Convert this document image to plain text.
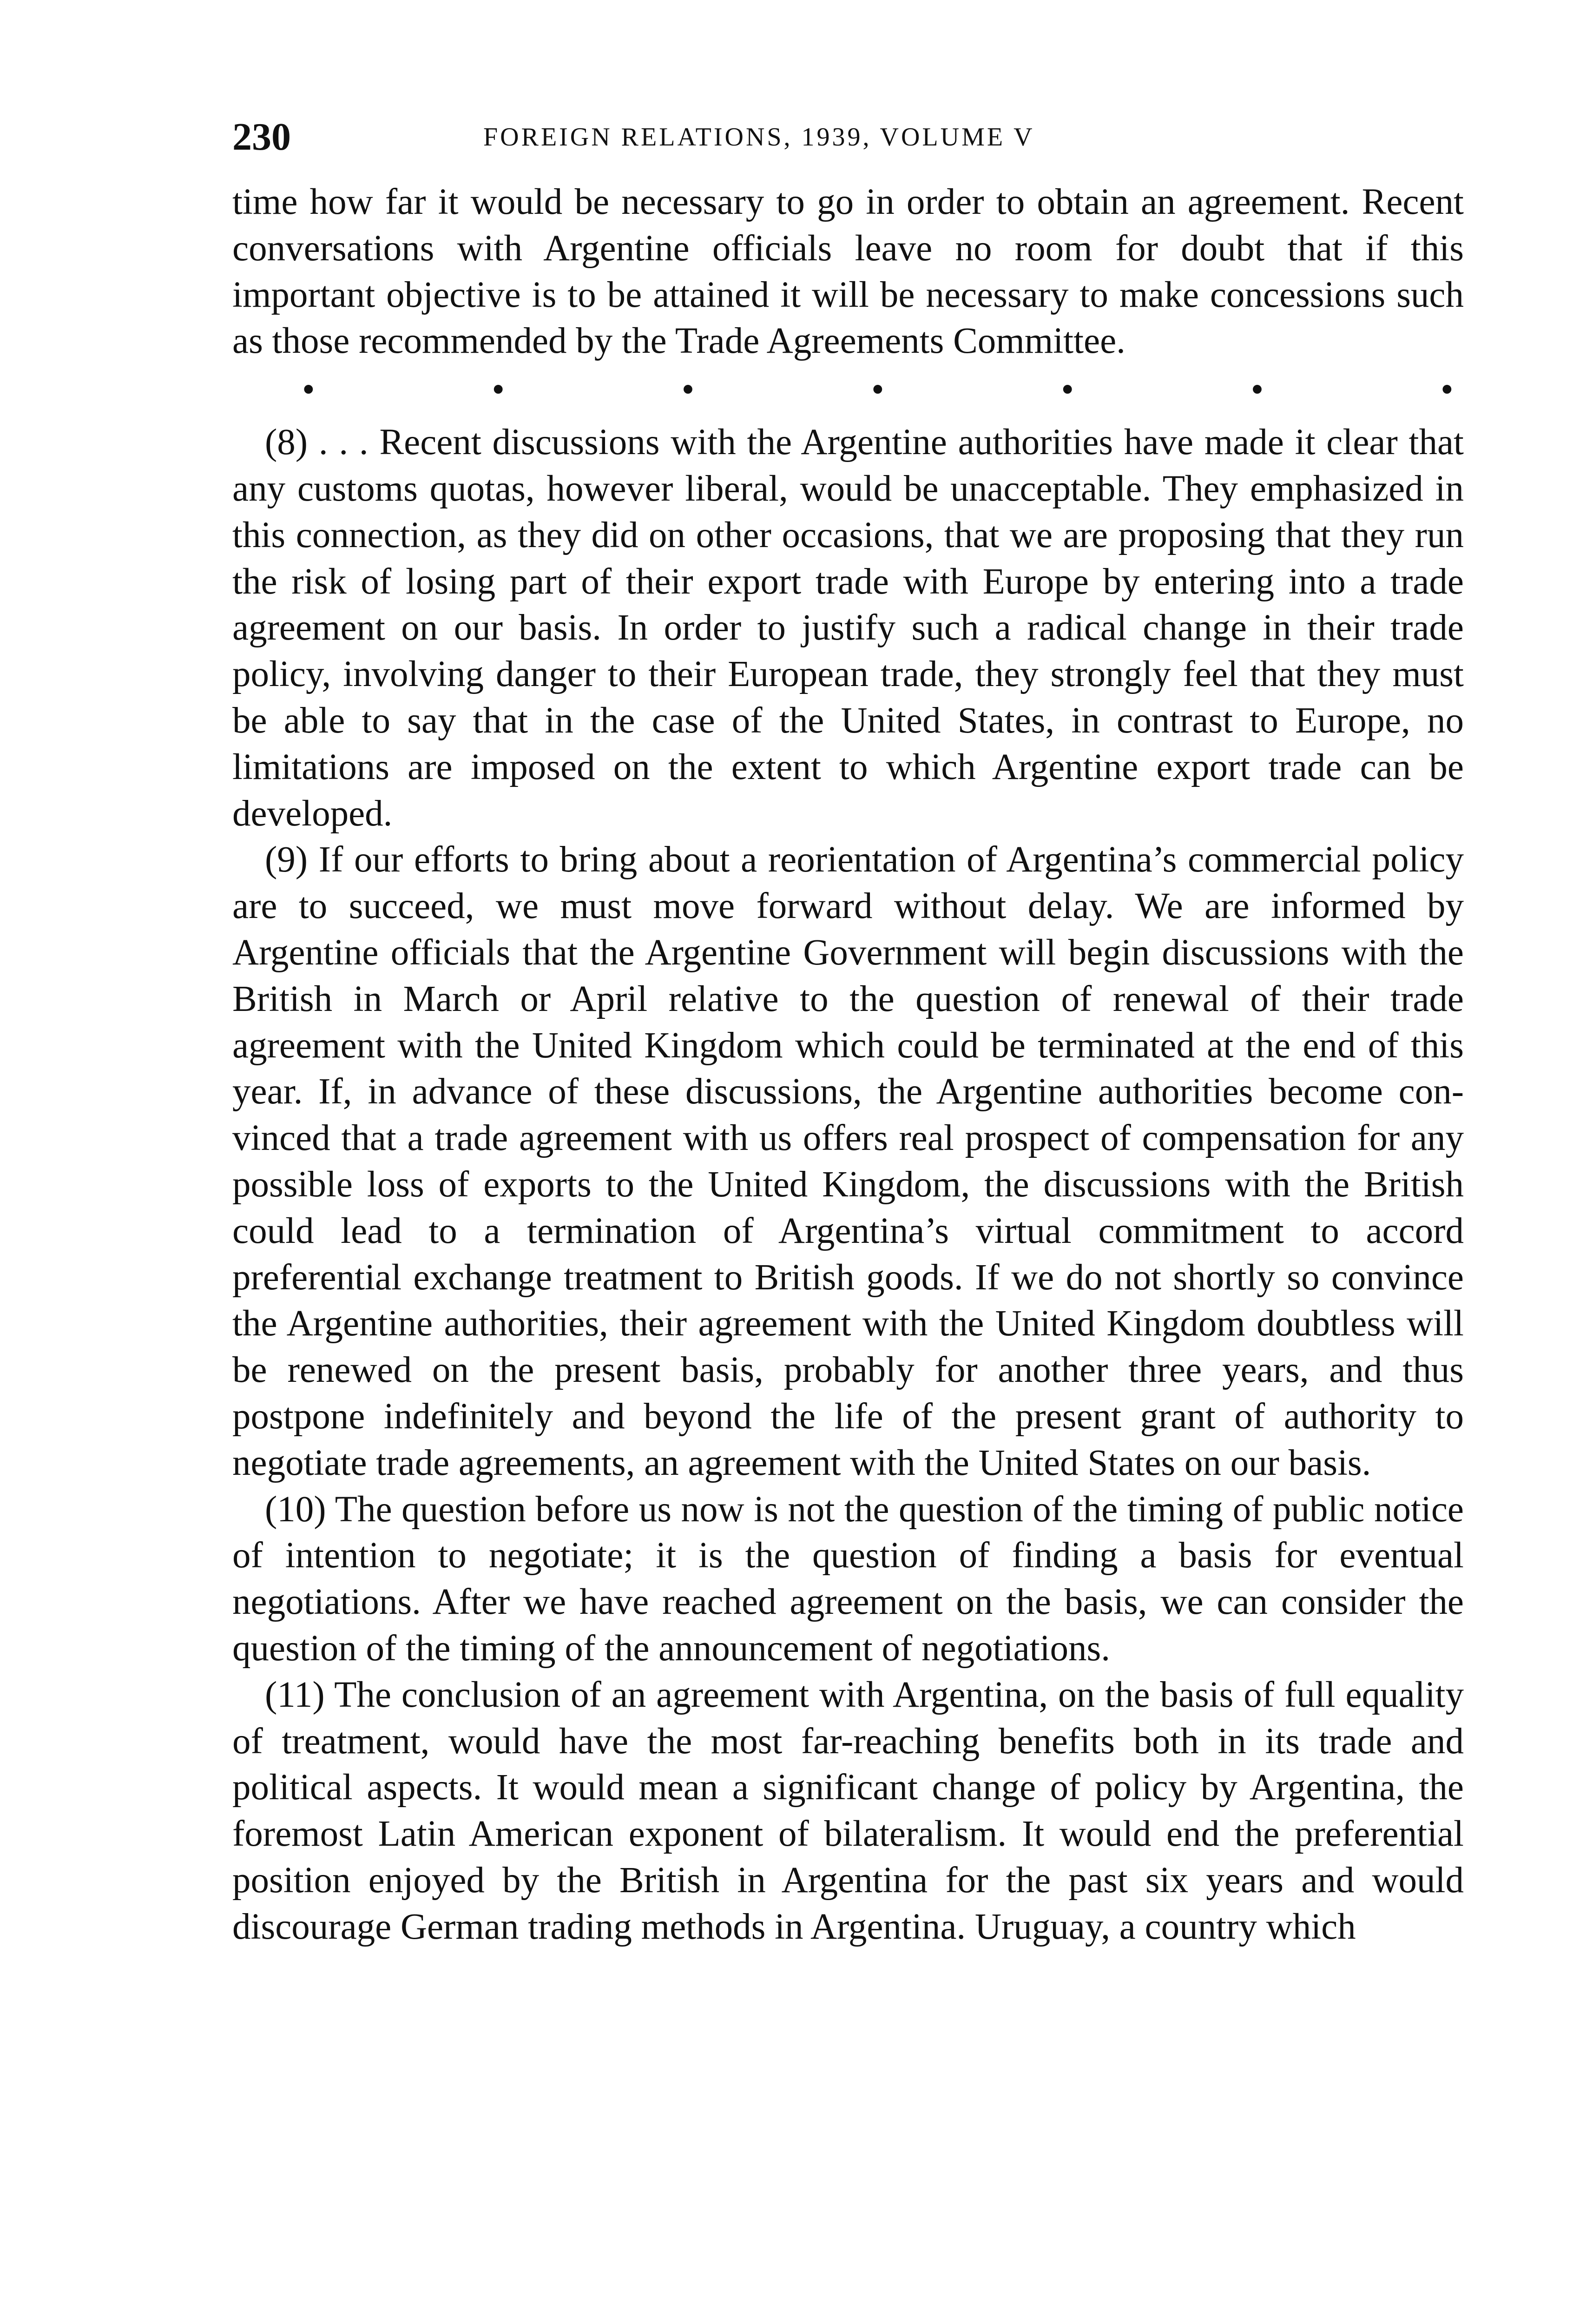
230	FOREIGN RELATIONS, 1939, VOLUME V

time how far it would be necessary to go in order to obtain an agreement. Recent conversations with Argentine officials leave no room for doubt that if this important objective is to be attained it will be necessary to make concessions such as those recommended by the Trade Agreements Committee.

•	•	•	•	•	•	•

(8) . . . Recent discussions with the Argentine authorities have made it clear that any customs quotas, however liberal, would be unacceptable. They emphasized in this connection, as they did on other occasions, that we are proposing that they run the risk of losing part of their export trade with Europe by entering into a trade agreement on our basis. In order to justify such a radical change in their trade policy, involving danger to their European trade, they strongly feel that they must be able to say that in the case of the United States, in contrast to Europe, no limitations are imposed on the extent to which Argentine export trade can be developed.

(9) If our efforts to bring about a reorientation of Argentina’s commercial policy are to succeed, we must move forward without delay. We are informed by Argentine officials that the Argentine Government will begin discussions with the British in March or April relative to the question of renewal of their trade agreement with the United Kingdom which could be terminated at the end of this year. If, in advance of these discussions, the Argentine authorities become convinced that a trade agreement with us offers real prospect of compensation for any possible loss of exports to the United Kingdom, the discussions with the British could lead to a termination of Argentina’s virtual commitment to accord preferential exchange treatment to British goods. If we do not shortly so convince the Argentine authorities, their agreement with the United Kingdom doubtless will be renewed on the present basis, probably for another three years, and thus postpone indefinitely and beyond the life of the present grant of authority to negotiate trade agreements, an agreement with the United States on our basis.

(10) The question before us now is not the question of the timing of public notice of intention to negotiate; it is the question of finding a basis for eventual negotiations. After we have reached agreement on the basis, we can consider the question of the timing of the announcement of negotiations.

(11) The conclusion of an agreement with Argentina, on the basis of full equality of treatment, would have the most far-reaching benefits both in its trade and political aspects. It would mean a significant change of policy by Argentina, the foremost Latin American exponent of bilateralism. It would end the preferential position enjoyed by the British in Argentina for the past six years and would discourage German trading methods in Argentina. Uruguay, a country which
